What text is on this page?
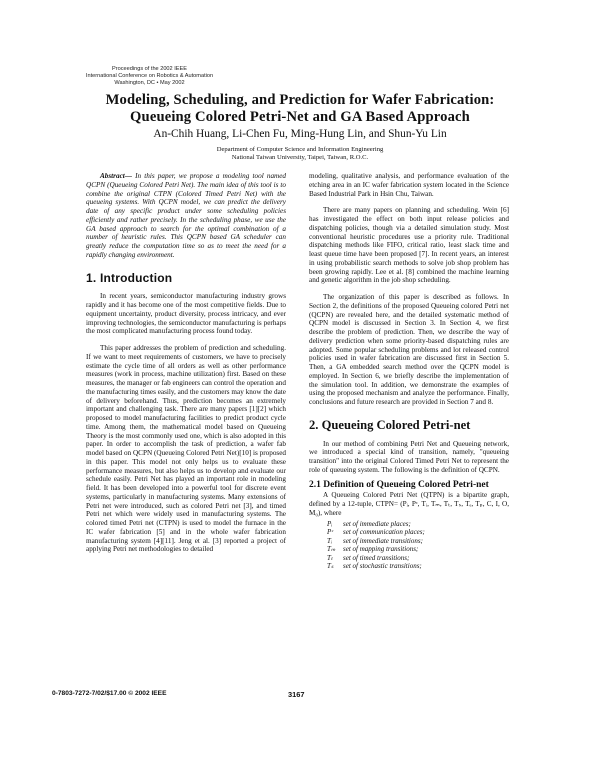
Proceedings of the 2002 IEEE
International Conference on Robotics & Automation
Washington, DC • May 2002
Modeling, Scheduling, and Prediction for Wafer Fabrication:
Queueing Colored Petri-Net and GA Based Approach
An-Chih Huang, Li-Chen Fu, Ming-Hung Lin, and Shun-Yu Lin
Department of Computer Science and Information Engineering
National Taiwan University, Taipei, Taiwan, R.O.C.

Abstract— In this paper, we propose a modeling tool named QCPN (Queueing Colored Petri Net). The main idea of this tool is to combine the original CTPN (Colored Timed Petri Net) with the queueing systems. With QCPN model, we can predict the delivery date of any specific product under some scheduling policies efficiently and rather precisely. In the scheduling phase, we use the GA based approach to search for the optimal combination of a number of heuristic rules. This QCPN based GA scheduler can greatly reduce the computation time so as to meet the need for a rapidly changing environment.

1. Introduction

In recent years, semiconductor manufacturing industry grows rapidly and it has become one of the most competitive fields. Due to equipment uncertainty, product diversity, process intricacy, and ever improving technologies, the semiconductor manufacturing is perhaps the most complicated manufacturing process found today.

This paper addresses the problem of prediction and scheduling. If we want to meet requirements of customers, we have to precisely estimate the cycle time of all orders as well as other performance measures (work in process, machine utilization) first. Based on these measures, the manager or fab engineers can control the operation and the manufacturing times easily, and the customers may know the date of delivery beforehand. Thus, prediction becomes an extremely important and challenging task. There are many papers [1][2] which proposed to model manufacturing facilities to predict product cycle time. Among them, the mathematical model based on Queueing Theory is the most commonly used one, which is also adopted in this paper. In order to accomplish the task of prediction, a wafer fab model based on QCPN (Queueing Colored Petri Net)[10] is proposed in this paper. This model not only helps us to evaluate these performance measures, but also helps us to develop and evaluate our schedule easily. Petri Net has played an important role in modeling field. It has been developed into a powerful tool for discrete event systems, particularly in manufacturing systems. Many extensions of Petri net were introduced, such as colored Petri net [3], and timed Petri net which were widely used in manufacturing systems. The colored timed Petri net (CTPN) is used to model the furnace in the IC wafer fabrication [5] and in the whole wafer fabrication manufacturing system [4][11]. Jeng et al. [3] reported a project of applying Petri net methodologies to detailed

modeling, qualitative analysis, and performance evaluation of the etching area in an IC wafer fabrication system located in the Science Based Industrial Park in Hsin Chu, Taiwan.

There are many papers on planning and scheduling. Wein [6] has investigated the effect on both input release policies and dispatching policies, though via a detailed simulation study. Most conventional heuristic procedures use a priority rule. Traditional dispatching methods like FIFO, critical ratio, least slack time and least queue time have been proposed [7]. In recent years, an interest in using probabilistic search methods to solve job shop problem has been growing rapidly. Lee et al. [8] combined the machine learning and genetic algorithm in the job shop scheduling.

The organization of this paper is described as follows. In Section 2, the definitions of the proposed Queueing colored Petri net (QCPN) are revealed here, and the detailed systematic method of QCPN model is discussed in Section 3. In Section 4, we first describe the problem of prediction. Then, we describe the way of delivery prediction when some priority-based dispatching rules are adopted. Some popular scheduling problems and lot released control policies used in wafer fabrication are discussed first in Section 5. Then, a GA embedded search method over the QCPN model is employed. In Section 6, we briefly describe the implementation of the simulation tool. In addition, we demonstrate the examples of using the proposed mechanism and analyze the performance. Finally, conclusions and future research are provided in Section 7 and 8.

2. Queueing Colored Petri-net

In our method of combining Petri Net and Queueing network, we introduced a special kind of transition, namely, "queueing transition" into the original Colored Timed Petri Net to represent the role of queueing system. The following is the definition of QCPN.

2.1 Definition of Queueing Colored Petri-net

A Queueing Colored Petri Net (QTPN) is a bipartite graph, defined by a 12-tuple, CTPN= (Pᵢ, Pᶜ, Tᵢ, Tₘ, Tₜ, Tₛ, Tₑ, Tₚ, C, I, O, M₀), where

Pᵢ set of immediate places;
Pᶜ set of communication places;
Tᵢ set of immediate transitions;
Tₘ set of mapping transitions;
Tₜ set of timed transitions;
Tₛ set of stochastic transitions;
0-7803-7272-7/02/$17.00 © 2002 IEEE	3167
